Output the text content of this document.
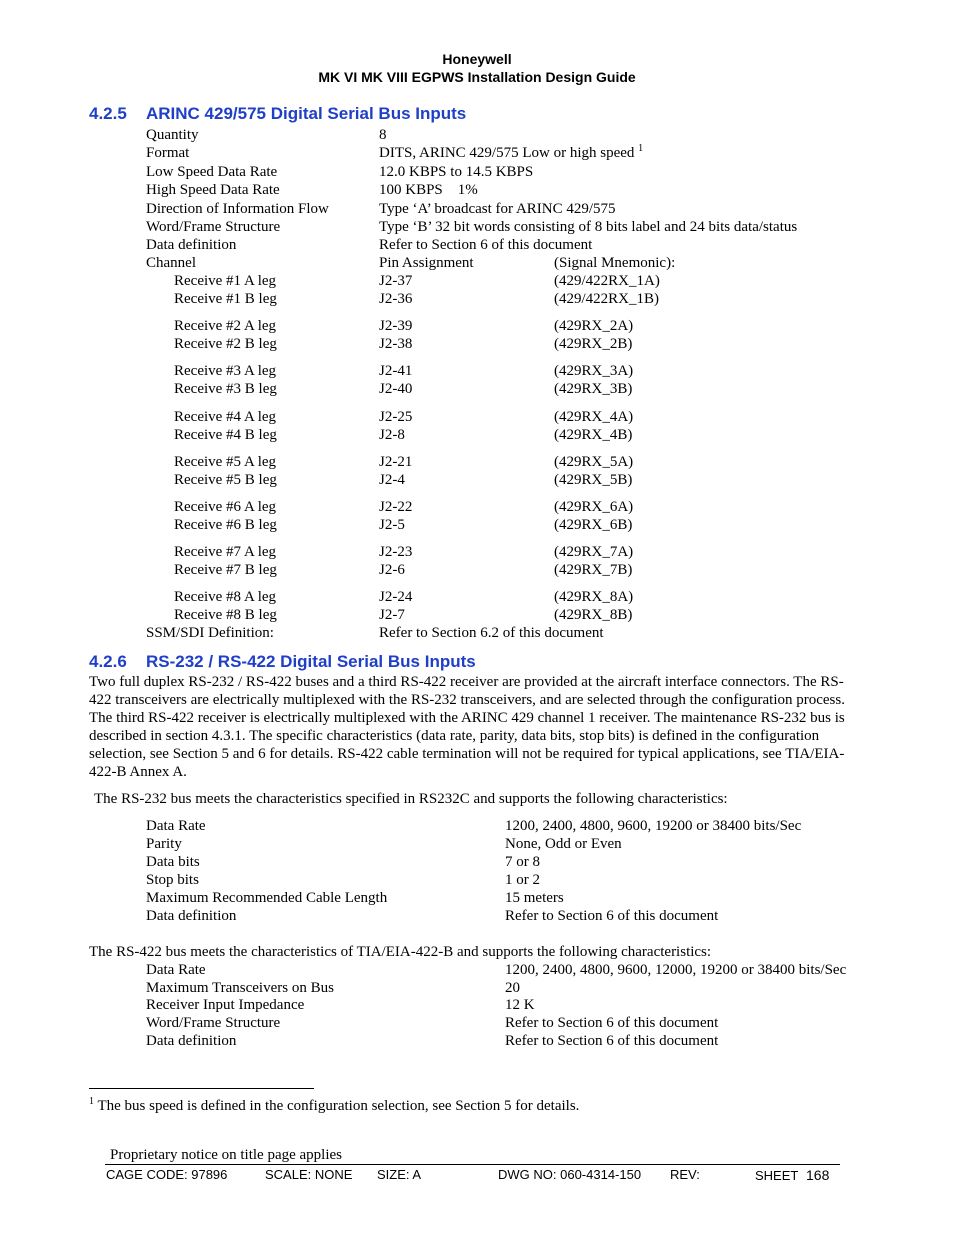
Honeywell
MK VI MK VIII EGPWS Installation Design Guide
4.2.5 ARINC 429/575 Digital Serial Bus Inputs
Quantity	8
Format	DITS, ARINC 429/575 Low or high speed $^1$
Low Speed Data Rate	12.0 KBPS to 14.5 KBPS
High Speed Data Rate	100 KBPS    1%
Direction of Information Flow	Type ‘A’ broadcast for ARINC 429/575
Word/Frame Structure	Type ‘B’ 32 bit words consisting of 8 bits label and 24 bits data/status
Data definition	Refer to Section 6 of this document
Channel	Pin Assignment	(Signal Mnemonic):
Receive #1 A leg	J2-37	(429/422RX_1A)
Receive #1 B leg	J2-36	(429/422RX_1B)
Receive #2 A leg	J2-39	(429RX_2A)
Receive #2 B leg	J2-38	(429RX_2B)
Receive #3 A leg	J2-41	(429RX_3A)
Receive #3 B leg	J2-40	(429RX_3B)
Receive #4 A leg	J2-25	(429RX_4A)
Receive #4 B leg	J2-8	(429RX_4B)
Receive #5 A leg	J2-21	(429RX_5A)
Receive #5 B leg	J2-4	(429RX_5B)
Receive #6 A leg	J2-22	(429RX_6A)
Receive #6 B leg	J2-5	(429RX_6B)
Receive #7 A leg	J2-23	(429RX_7A)
Receive #7 B leg	J2-6	(429RX_7B)
Receive #8 A leg	J2-24	(429RX_8A)
Receive #8 B leg	J2-7	(429RX_8B)
SSM/SDI Definition:	Refer to Section 6.2 of this document
4.2.6 RS-232 / RS-422 Digital Serial Bus Inputs

Two full duplex RS-232 / RS-422 buses and a third RS-422 receiver are provided at the aircraft interface connectors. The RS-422 transceivers are electrically multiplexed with the RS-232 transceivers, and are selected through the configuration process. The third RS-422 receiver is electrically multiplexed with the ARINC 429 channel 1 receiver. The maintenance RS-232 bus is described in section 4.3.1. The specific characteristics (data rate, parity, data bits, stop bits) is defined in the configuration selection, see Section 5 and 6 for details. RS-422 cable termination will not be required for typical applications, see TIA/EIA-422-B Annex A.

The RS-232 bus meets the characteristics specified in RS232C and supports the following characteristics:
Data Rate	1200, 2400, 4800, 9600, 19200 or 38400 bits/Sec
Parity	None, Odd or Even
Data bits	7 or 8
Stop bits	1 or 2
Maximum Recommended Cable Length	15 meters
Data definition	Refer to Section 6 of this document
The RS-422 bus meets the characteristics of TIA/EIA-422-B and supports the following characteristics:
Data Rate	1200, 2400, 4800, 9600, 12000, 19200 or 38400 bits/Sec
Maximum Transceivers on Bus	20
Receiver Input Impedance	12 K
Word/Frame Structure	Refer to Section 6 of this document
Data definition	Refer to Section 6 of this document
$^1$ The bus speed is defined in the configuration selection, see Section 5 for details.
Proprietary notice on title page applies
CAGE CODE: 97896	SCALE: NONE SIZE: A	DWG NO: 060-4314-150 REV:	SHEET 168
